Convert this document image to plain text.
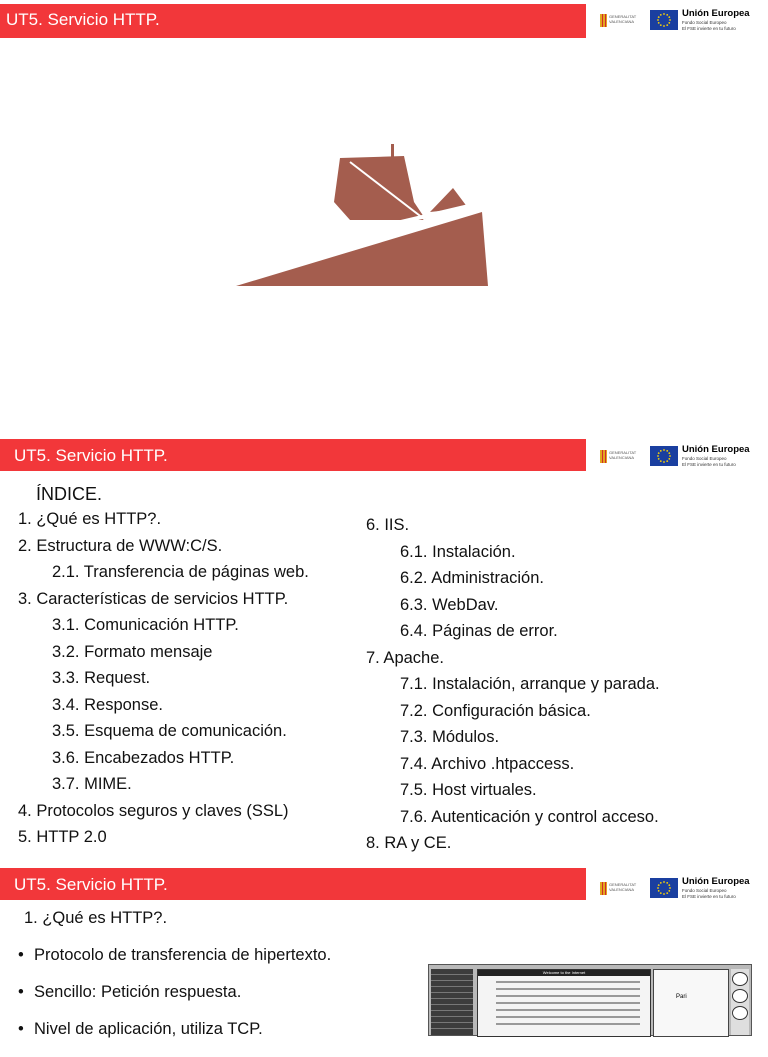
UT5. Servicio HTTP.	GENERALITAT
VALENCIANA
Unión Europea
Fondo Social Europeo
El FSE invierte en tu futuro
UT5. Servicio HTTP.	GENERALITAT
VALENCIANA
Unión Europea
Fondo Social Europeo
El FSE invierte en tu futuro
ÍNDICE.
1. ¿Qué es HTTP?.
2. Estructura de WWW:C/S.
2.1. Transferencia de páginas web.
3. Características de servicios HTTP.
3.1. Comunicación HTTP.
3.2. Formato mensaje
3.3. Request.
3.4. Response.
3.5. Esquema de comunicación.
3.6. Encabezados HTTP.
3.7. MIME.
4. Protocolos seguros y claves (SSL)
5. HTTP 2.0
6. IIS.
6.1. Instalación.
6.2. Administración.
6.3. WebDav.
6.4. Páginas de error.
7. Apache.
7.1. Instalación, arranque y parada.
7.2. Configuración básica.
7.3. Módulos.
7.4. Archivo .htpaccess.
7.5. Host virtuales.
7.6. Autenticación y control acceso.
8. RA y CE.
UT5. Servicio HTTP.	GENERALITAT
VALENCIANA
Unión Europea
Fondo Social Europeo
El FSE invierte en tu futuro
1. ¿Qué es HTTP?.
• Protocolo de transferencia de hipertexto.
• Sencillo: Petición respuesta.
• Nivel de aplicación, utiliza TCP.
Welcome to the Internet
Pari
